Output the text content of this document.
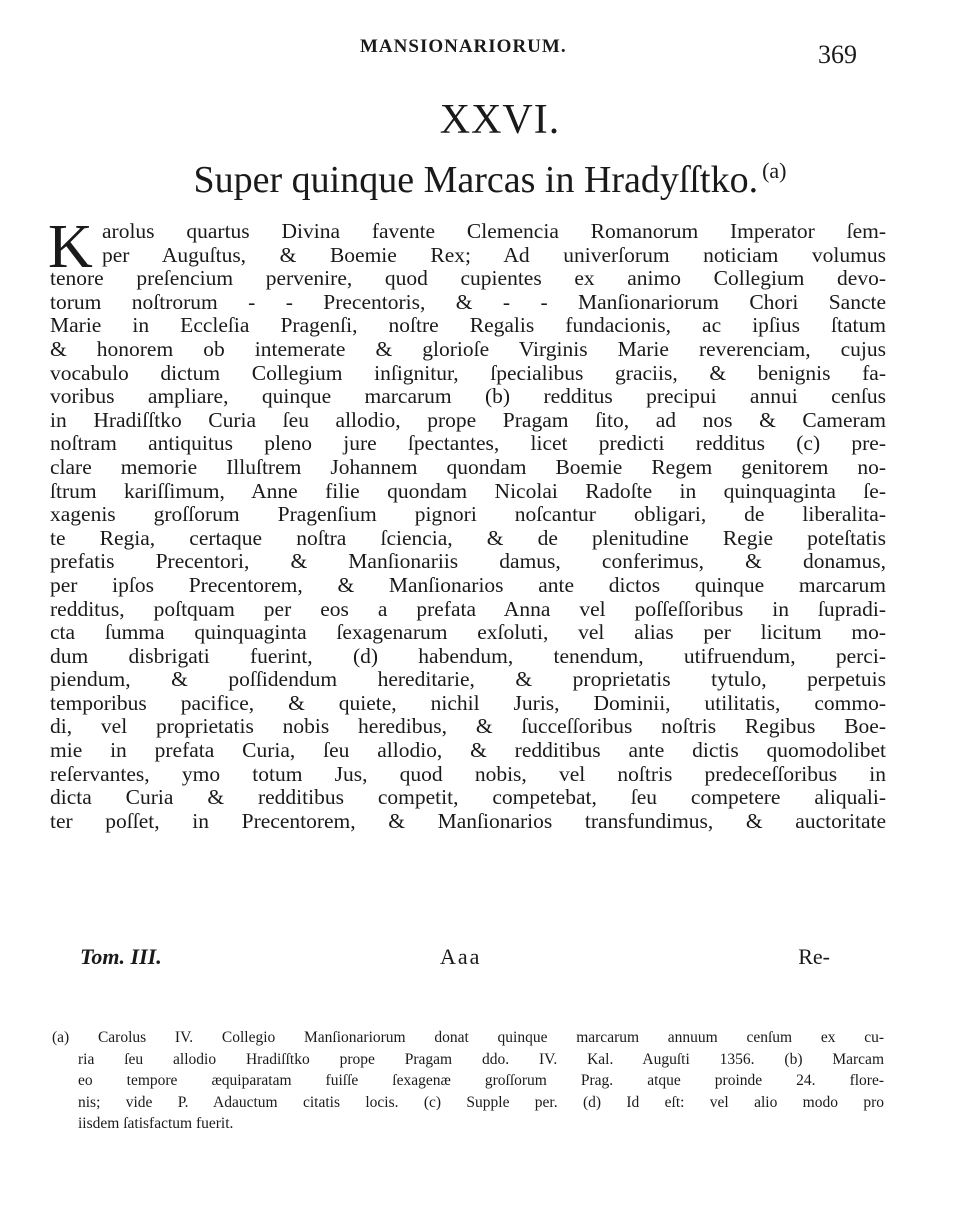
MANSIONARIORUM.	369
XXVI.
Super quinque Marcas in Hradyſſtko. $^{(a)}$
K arolus quartus Divina favente Clemencia Romanorum Imperator ſem-
per Auguſtus, & Boemie Rex; Ad univerſorum noticiam volumus
tenore preſencium pervenire, quod cupientes ex animo Collegium devo-
torum noſtrorum - - Precentoris, & - - Manſionariorum Chori Sancte
Marie in Eccleſia Pragenſi, noſtre Regalis fundacionis, ac ipſius ſtatum
& honorem ob intemerate & glorioſe Virginis Marie reverenciam, cujus
vocabulo dictum Collegium inſignitur, ſpecialibus graciis, & benignis fa-
voribus ampliare, quinque marcarum (b) redditus precipui annui cenſus
in Hradiſſtko Curia ſeu allodio, prope Pragam ſito, ad nos & Cameram
noſtram antiquitus pleno jure ſpectantes, licet predicti redditus (c) pre-
clare memorie Illuſtrem Johannem quondam Boemie Regem genitorem no-
ſtrum kariſſimum, Anne filie quondam Nicolai Radoſte in quinquaginta ſe-
xagenis groſſorum Pragenſium pignori noſcantur obligari, de liberalita-
te Regia, certaque noſtra ſciencia, & de plenitudine Regie poteſtatis
prefatis Precentori, & Manſionariis damus, conferimus, & donamus,
per ipſos Precentorem, & Manſionarios ante dictos quinque marcarum
redditus, poſtquam per eos a prefata Anna vel poſſeſſoribus in ſupradi-
cta ſumma quinquaginta ſexagenarum exſoluti, vel alias per licitum mo-
dum disbrigati fuerint, (d) habendum, tenendum, utifruendum, perci-
piendum, & poſſidendum hereditarie, & proprietatis tytulo, perpetuis
temporibus pacifice, & quiete, nichil Juris, Dominii, utilitatis, commo-
di, vel proprietatis nobis heredibus, & ſucceſſoribus noſtris Regibus Boe-
mie in prefata Curia, ſeu allodio, & redditibus ante dictis quomodolibet
reſervantes, ymo totum Jus, quod nobis, vel noſtris predeceſſoribus in
dicta Curia & redditibus competit, competebat, ſeu competere aliquali-
ter poſſet, in Precentorem, & Manſionarios transfundimus, & auctoritate
Tom. III.	Aaa	Re-
(a) Carolus IV. Collegio Manſionariorum donat quinque marcarum annuum cenſum ex cu-
ria ſeu allodio Hradiſſtko prope Pragam ddo. IV. Kal. Auguſti 1356. (b) Marcam
eo tempore æquiparatam fuiſſe ſexagenæ groſſorum Prag. atque proinde 24. flore-
nis; vide P. Adauctum citatis locis. (c) Supple per. (d) Id eſt: vel alio modo pro
iisdem ſatisfactum fuerit.
